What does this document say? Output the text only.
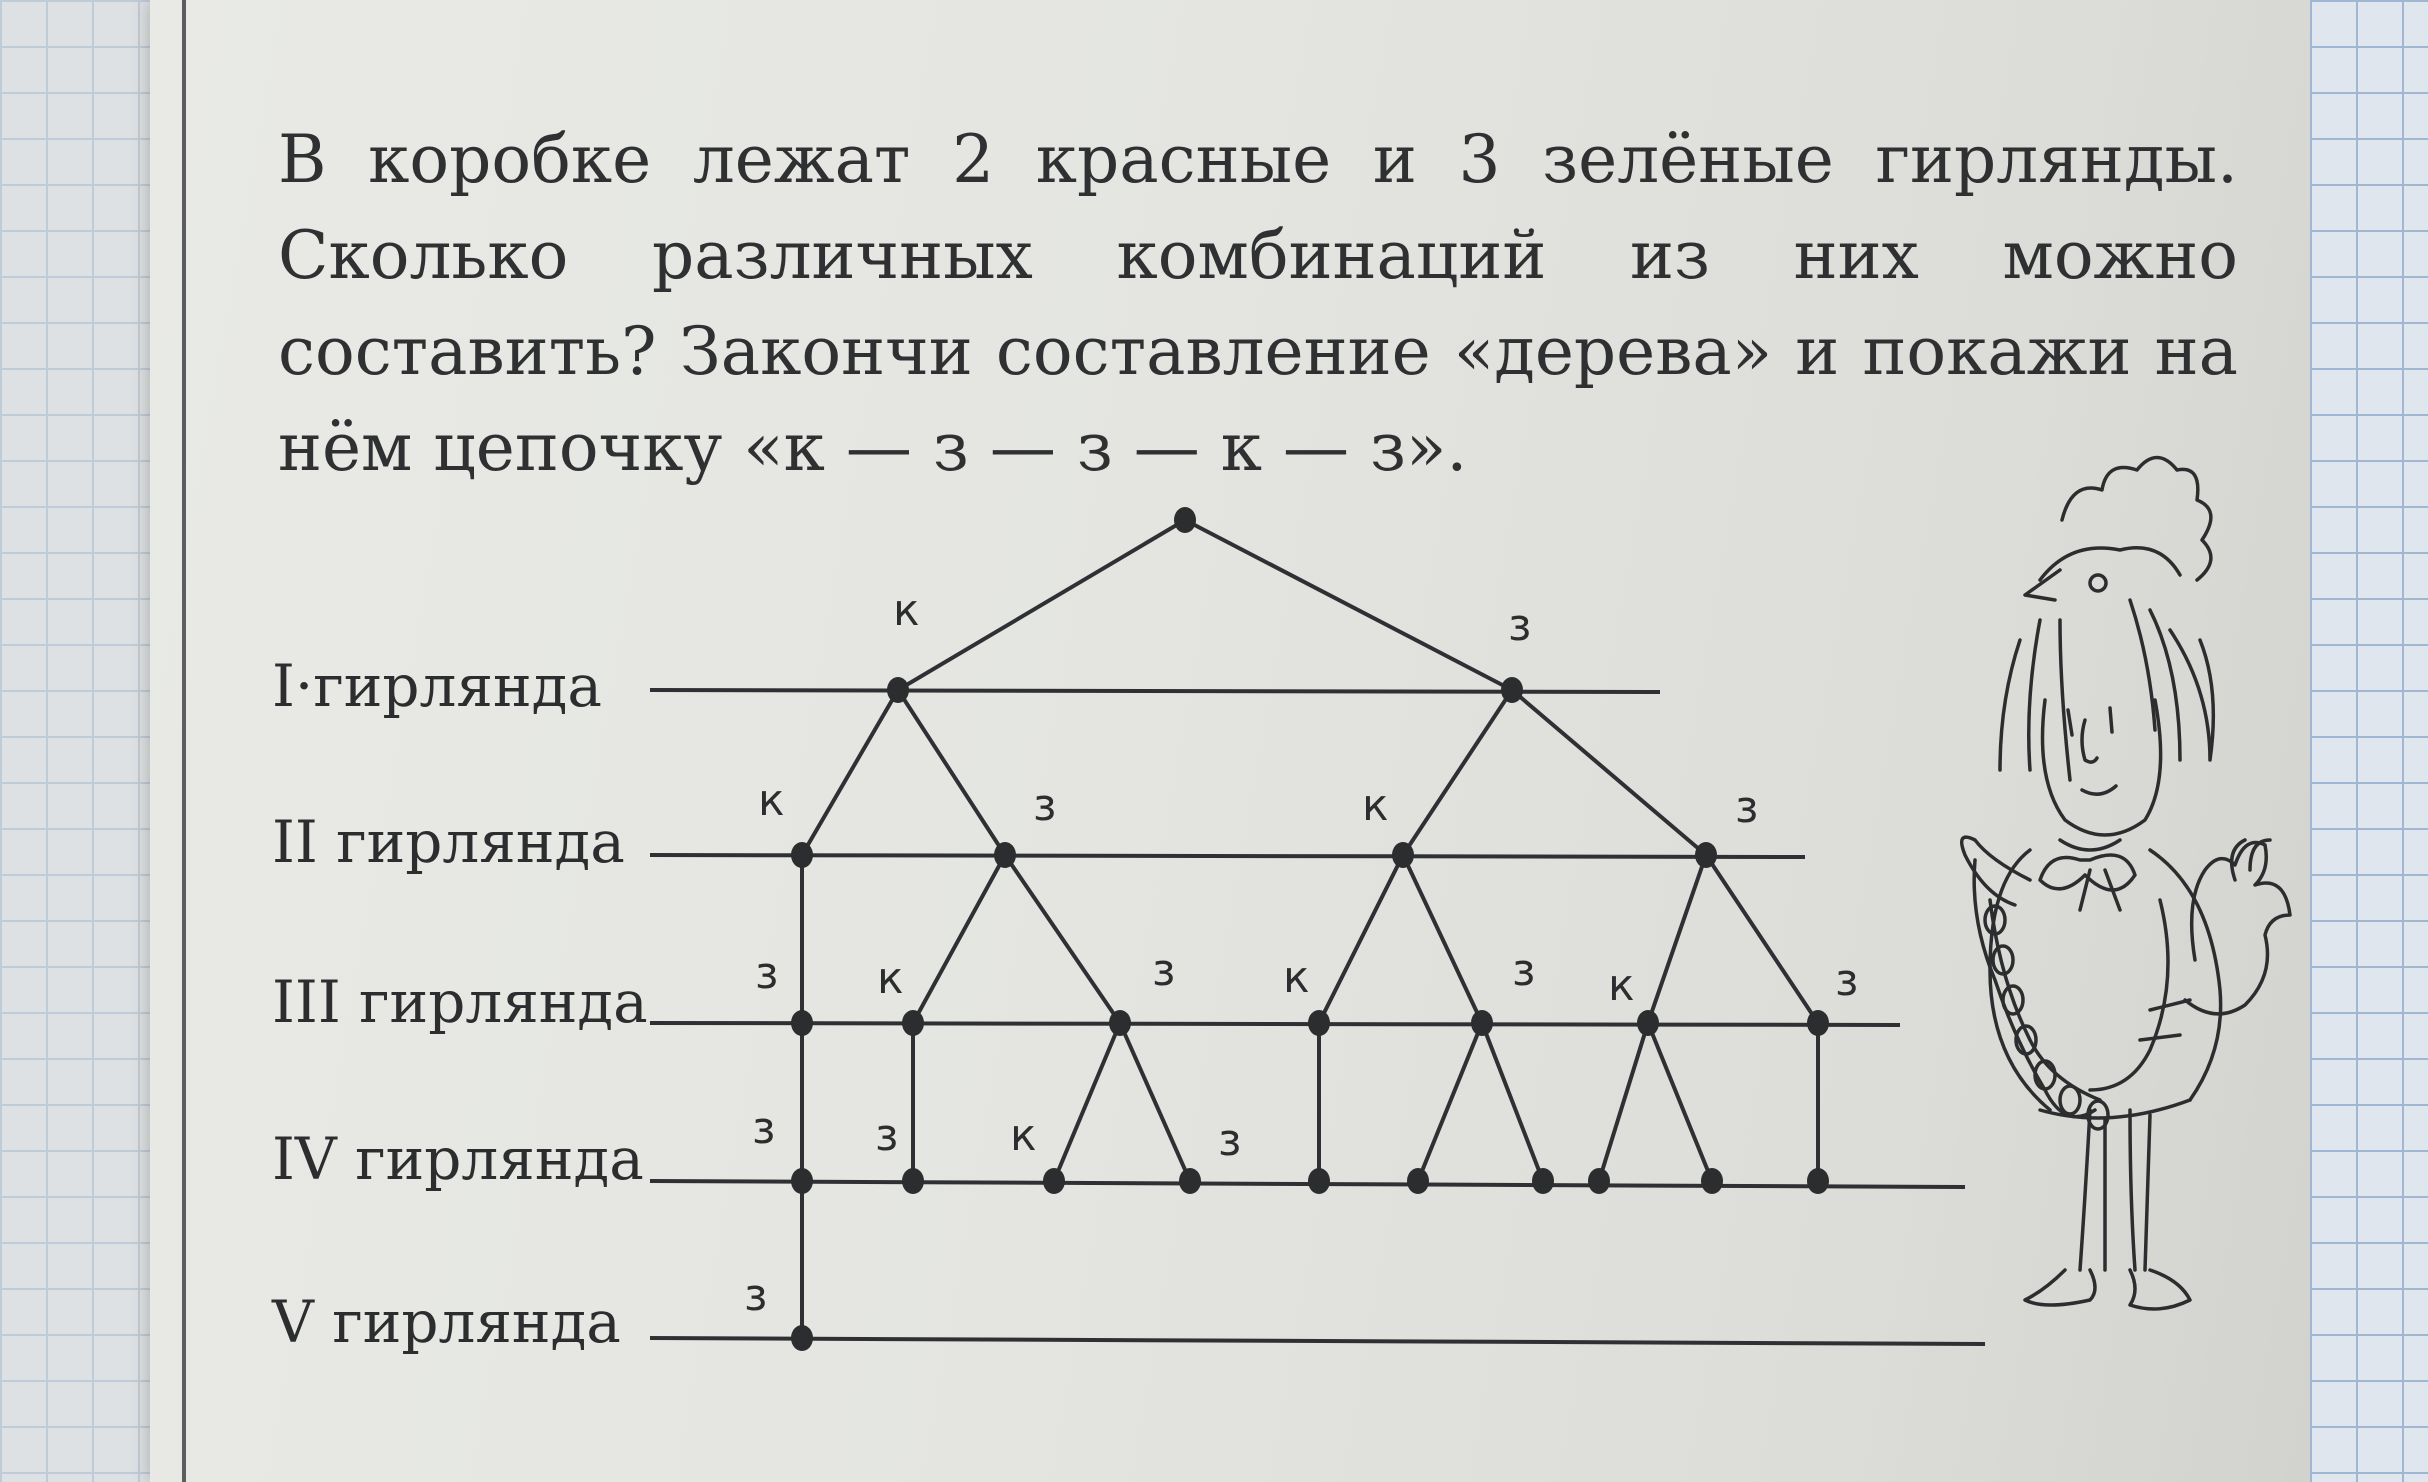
В коробке лежат 2 красные и 3 зелёные гирлянды. Сколько различных комбинаций из них можно составить? Закончи составление «дерева» и покажи на нём цепочку «к — з — з — к — з».

I·гирлянда
II гирлянда
III гирлянда
IV гирлянда
V гирлянда
к	з
к	з	к	з
з к	з к	з к	з
з з	к	з
з
